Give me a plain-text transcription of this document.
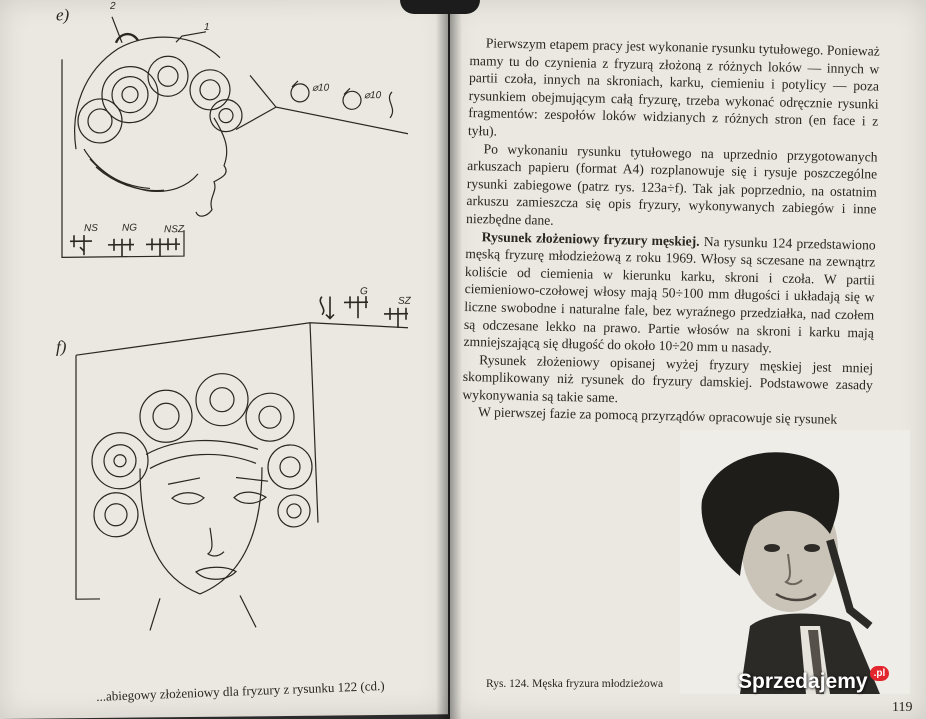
e)
f)
2
1
⌀10
⌀10
NS NG	NSZ
G
SZ
...abiegowy złożeniowy dla fryzury z rysunku 122 (cd.)

Pierwszym etapem pracy jest wykonanie rysunku tytułowego. Ponieważ mamy tu do czynienia z fryzurą złożoną z różnych loków — innych w partii czoła, innych na skroniach, karku, ciemieniu i potylicy — poza rysunkiem obejmującym całą fryzurę, trzeba wykonać odręcznie rysunki fragmentów: zespołów loków widzianych z różnych stron (en face i z tyłu).

Po wykonaniu rysunku tytułowego na uprzednio przygotowanych arkuszach papieru (format A4) rozplanowuje się i rysuje poszczególne rysunki zabiegowe (patrz rys. 123a÷f). Tak jak poprzednio, na ostatnim arkuszu zamieszcza się opis fryzury, wykonywanych zabiegów i inne niezbędne dane.

Rysunek złożeniowy fryzury męskiej. Na rysunku 124 przedstawiono męską fryzurę młodzieżową z roku 1969. Włosy są sczesane na zewnątrz koliście od ciemienia w kierunku karku, skroni i czoła. W partii ciemieniowo-czołowej włosy mają 50÷100 mm długości i układają się w liczne swobodne i naturalne fale, bez wyraźnego przedziałka, nad czołem są odczesane lekko na prawo. Partie włosów na skroni i karku mają zmniejszającą się długość do około 10÷20 mm u nasady.

Rysunek złożeniowy opisanej wyżej fryzury męskiej jest mniej skomplikowany niż rysunek do fryzury damskiej. Podstawowe zasady wykonywania są takie same.

W pierwszej fazie za pomocą przyrządów opracowuje się rysunek

Rys. 124. Męska fryzura młodzieżowa
119
Sprzedajemy .pl
